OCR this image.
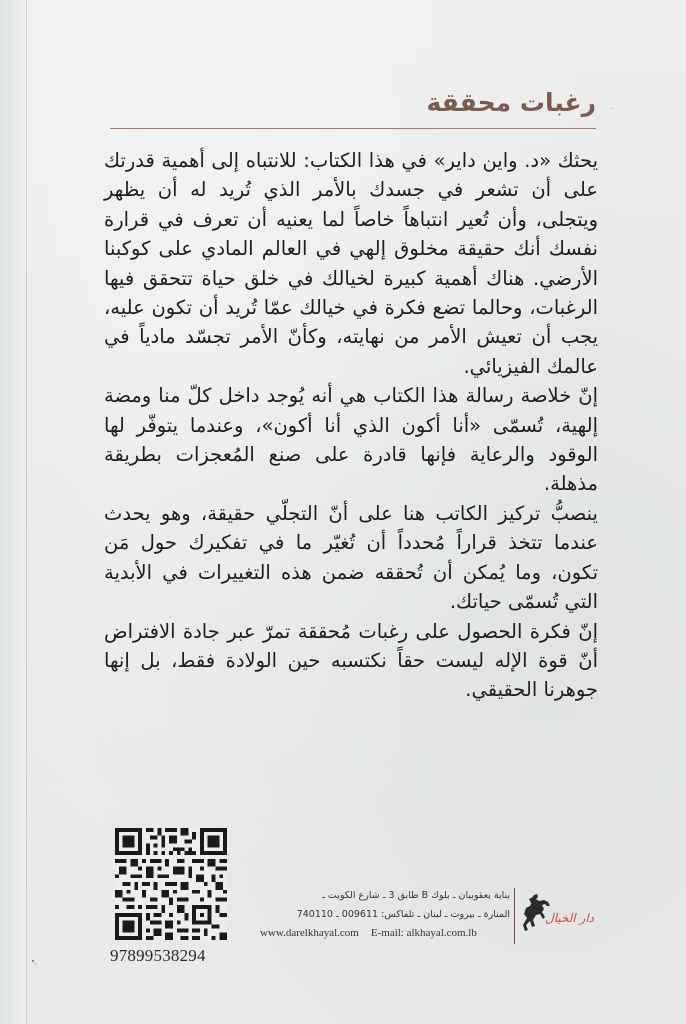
رغبات محققة

يحثك «د. واين داير» في هذا الكتاب: للانتباه إلى أهمية قدرتك على أن تشعر في جسدك بالأمر الذي تُريد له أن يظهر ويتجلى، وأن تُعير انتباهاً خاصاً لما يعنيه أن تعرف في قرارة نفسك أنك حقيقة مخلوق إلهي في العالم المادي على كوكبنا الأرضي. هناك أهمية كبيرة لخيالك في خلق حياة تتحقق فيها الرغبات، وحالما تضع فكرة في خيالك عمّا تُريد أن تكون عليه، يجب أن تعيش الأمر من نهايته، وكأنّ الأمر تجسّد مادياً في عالمك الفيزيائي.

إنّ خلاصة رسالة هذا الكتاب هي أنه يُوجد داخل كلّ منا ومضة إلهية، تُسمّى «أنا أكون الذي أنا أكون»، وعندما يتوفّر لها الوقود والرعاية فإنها قادرة على صنع المُعجزات بطريقة مذهلة.

ينصبُّ تركيز الكاتب هنا على أنّ التجلّي حقيقة، وهو يحدث عندما تتخذ قراراً مُحدداً أن تُغيّر ما في تفكيرك حول مَن تكون، وما يُمكن أن تُحققه ضمن هذه التغييرات في الأبدية التي تُسمّى حياتك.

إنّ فكرة الحصول على رغبات مُحققة تمرّ عبر جادة الافتراض أنّ قوة الإله ليست حقاً نكتسبه حين الولادة فقط، بل إنها جوهرنا الحقيقي.

97899538294
بناية يعقوبيان ـ بلوك B طابق 3 ـ شارع الكويت ـ
المنارة ـ بيروت ـ لبنان ـ تلفاكس: 009611 ـ 740110
www.darelkhayal.com E-mail: alkhayal.com.lb
دار الخيال
